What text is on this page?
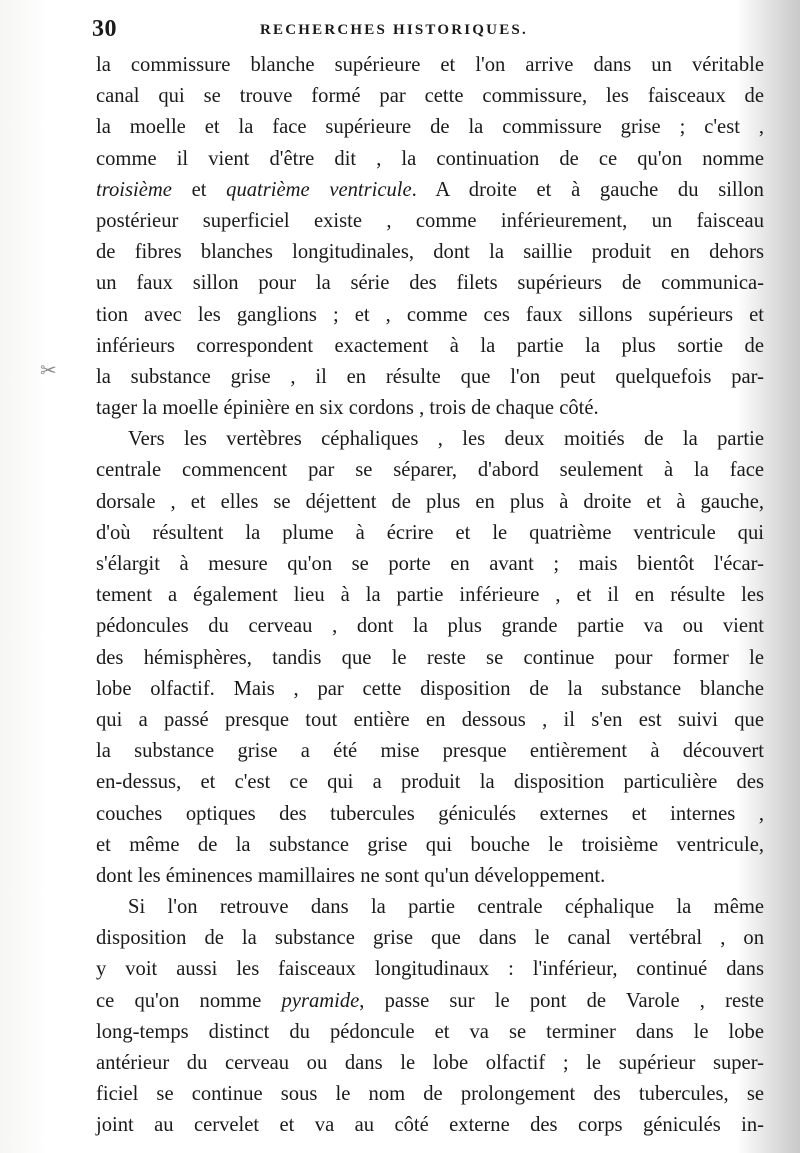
30	RECHERCHES HISTORIQUES.
✂
la commissure blanche supérieure et l'on arrive dans un véritable
canal qui se trouve formé par cette commissure, les faisceaux de
la moelle et la face supérieure de la commissure grise ; c'est ,
comme il vient d'être dit , la continuation de ce qu'on nomme
troisième et quatrième ventricule. A droite et à gauche du sillon
postérieur superficiel existe , comme inférieurement, un faisceau
de fibres blanches longitudinales, dont la saillie produit en dehors
un faux sillon pour la série des filets supérieurs de communica-
tion avec les ganglions ; et , comme ces faux sillons supérieurs et
inférieurs correspondent exactement à la partie la plus sortie de
la substance grise , il en résulte que l'on peut quelquefois par-
tager la moelle épinière en six cordons , trois de chaque côté.
Vers les vertèbres céphaliques , les deux moitiés de la partie
centrale commencent par se séparer, d'abord seulement à la face
dorsale , et elles se déjettent de plus en plus à droite et à gauche,
d'où résultent la plume à écrire et le quatrième ventricule qui
s'élargit à mesure qu'on se porte en avant ; mais bientôt l'écar-
tement a également lieu à la partie inférieure , et il en résulte les
pédoncules du cerveau , dont la plus grande partie va ou vient
des hémisphères, tandis que le reste se continue pour former le
lobe olfactif. Mais , par cette disposition de la substance blanche
qui a passé presque tout entière en dessous , il s'en est suivi que
la substance grise a été mise presque entièrement à découvert
en-dessus, et c'est ce qui a produit la disposition particulière des
couches optiques des tubercules géniculés externes et internes ,
et même de la substance grise qui bouche le troisième ventricule,
dont les éminences mamillaires ne sont qu'un développement.
Si l'on retrouve dans la partie centrale céphalique la même
disposition de la substance grise que dans le canal vertébral , on
y voit aussi les faisceaux longitudinaux : l'inférieur, continué dans
ce qu'on nomme pyramide, passe sur le pont de Varole , reste
long-temps distinct du pédoncule et va se terminer dans le lobe
antérieur du cerveau ou dans le lobe olfactif ; le supérieur super-
ficiel se continue sous le nom de prolongement des tubercules, se
joint au cervelet et va au côté externe des corps géniculés in-
